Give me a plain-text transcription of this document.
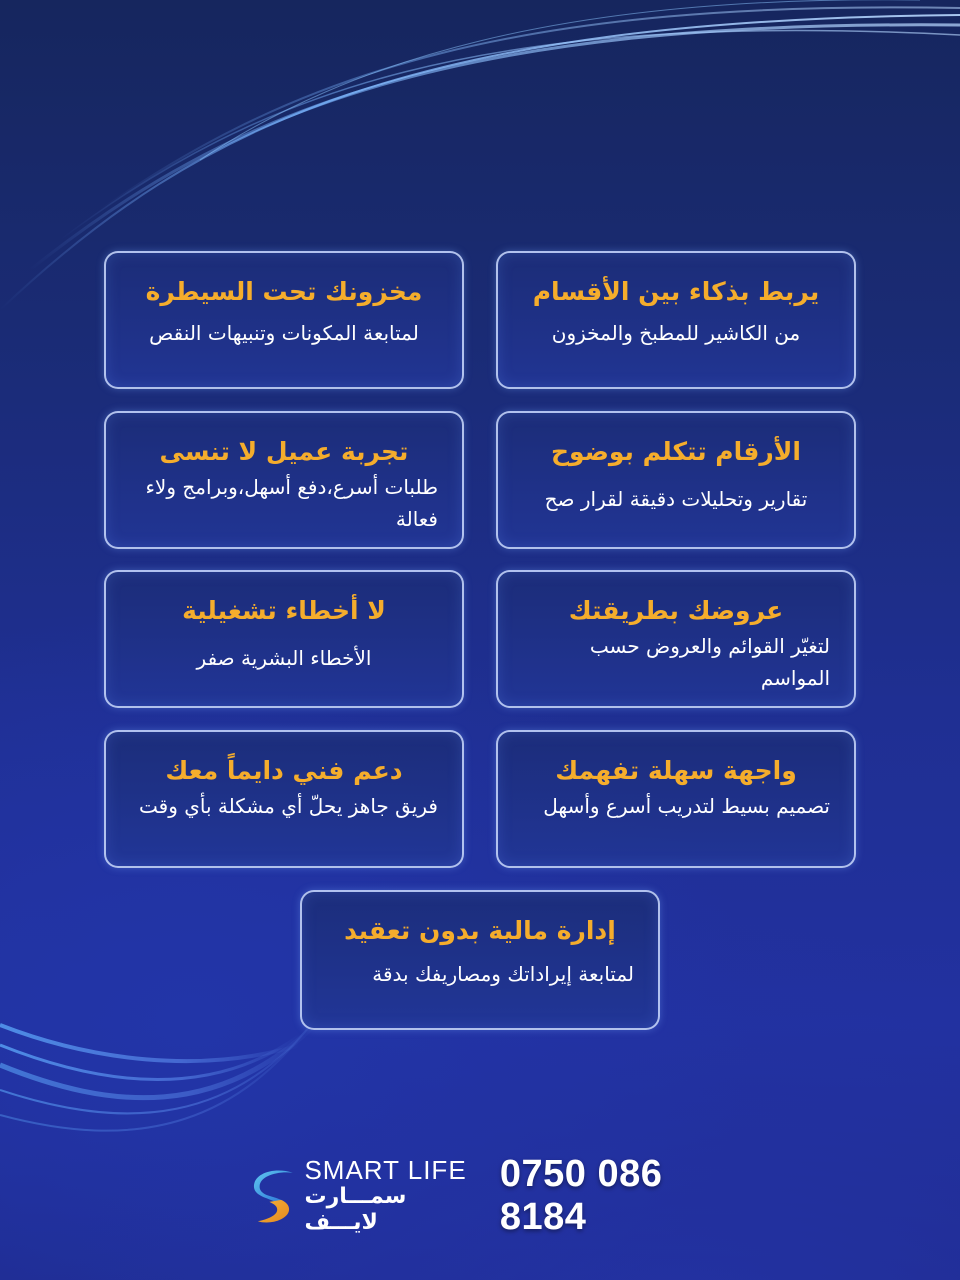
يربط بذكاء بين الأقسام
من الكاشير للمطبخ والمخزون
مخزونك تحت السيطرة
لمتابعة المكونات وتنبيهات النقص
الأرقام تتكلم بوضوح
تقارير وتحليلات دقيقة لقرار صح
تجربة عميل لا تنسى
طلبات أسرع،دفع أسهل،وبرامج ولاء فعالة
عروضك بطريقتك
لتغيّر القوائم والعروض حسب المواسم
لا أخطاء تشغيلية
الأخطاء البشرية صفر
واجهة سهلة تفهمك
تصميم بسيط لتدريب أسرع وأسهل
دعم فني دايماً معك
فريق جاهز يحلّ أي مشكلة بأي وقت
إدارة مالية بدون تعقيد
لمتابعة إيراداتك ومصاريفك بدقة
SMART LIFE
سمـــارت لايـــف
0750 086 8184
